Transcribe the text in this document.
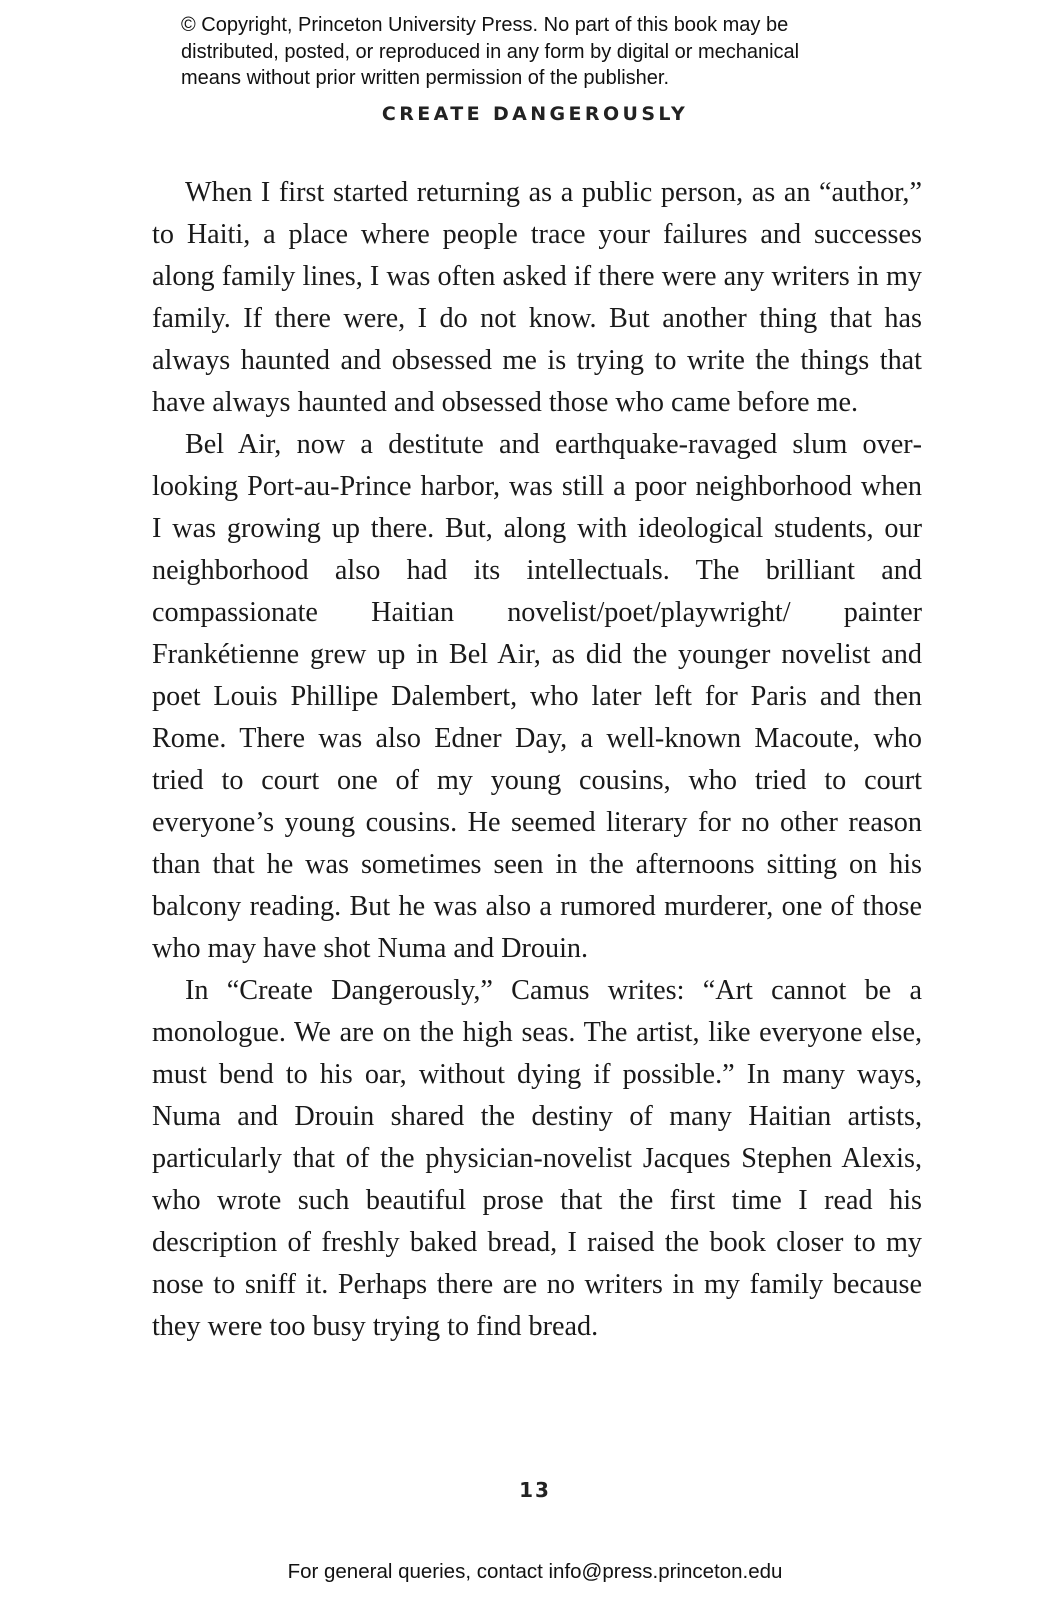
© Copyright, Princeton University Press. No part of this book may be

distributed, posted, or reproduced in any form by digital or mechanical

means without prior written permission of the publisher.

CREATE DANGEROUSLY

When I first started returning as a public person, as an “author,” to Haiti, a place where people trace your failures and successes along family lines, I was often asked if there were any writers in my family. If there were, I do not know. But another thing that has always haunted and obsessed me is trying to write the things that have always haunted and obsessed those who came before me.

Bel Air, now a destitute and earthquake-ravaged slum overlooking Port-au-Prince harbor, was still a poor neighborhood when I was growing up there. But, along with ideological students, our neighborhood also had its intellectuals. The brilliant and compassionate Haitian novelist/poet/playwright/ painter Frankétienne grew up in Bel Air, as did the younger novelist and poet Louis Phillipe Dalembert, who later left for Paris and then Rome. There was also Edner Day, a well-known Macoute, who tried to court one of my young cousins, who tried to court everyone’s young cousins. He seemed literary for no other reason than that he was sometimes seen in the afternoons sitting on his balcony reading. But he was also a rumored murderer, one of those who may have shot Numa and Drouin.

In “Create Dangerously,” Camus writes: “Art cannot be a monologue. We are on the high seas. The artist, like everyone else, must bend to his oar, without dying if possible.” In many ways, Numa and Drouin shared the destiny of many Haitian artists, particularly that of the physician-novelist Jacques Stephen Alexis, who wrote such beautiful prose that the first time I read his description of freshly baked bread, I raised the book closer to my nose to sniff it. Perhaps there are no writers in my family because they were too busy trying to find bread.

13
For general queries, contact info@press.princeton.edu
